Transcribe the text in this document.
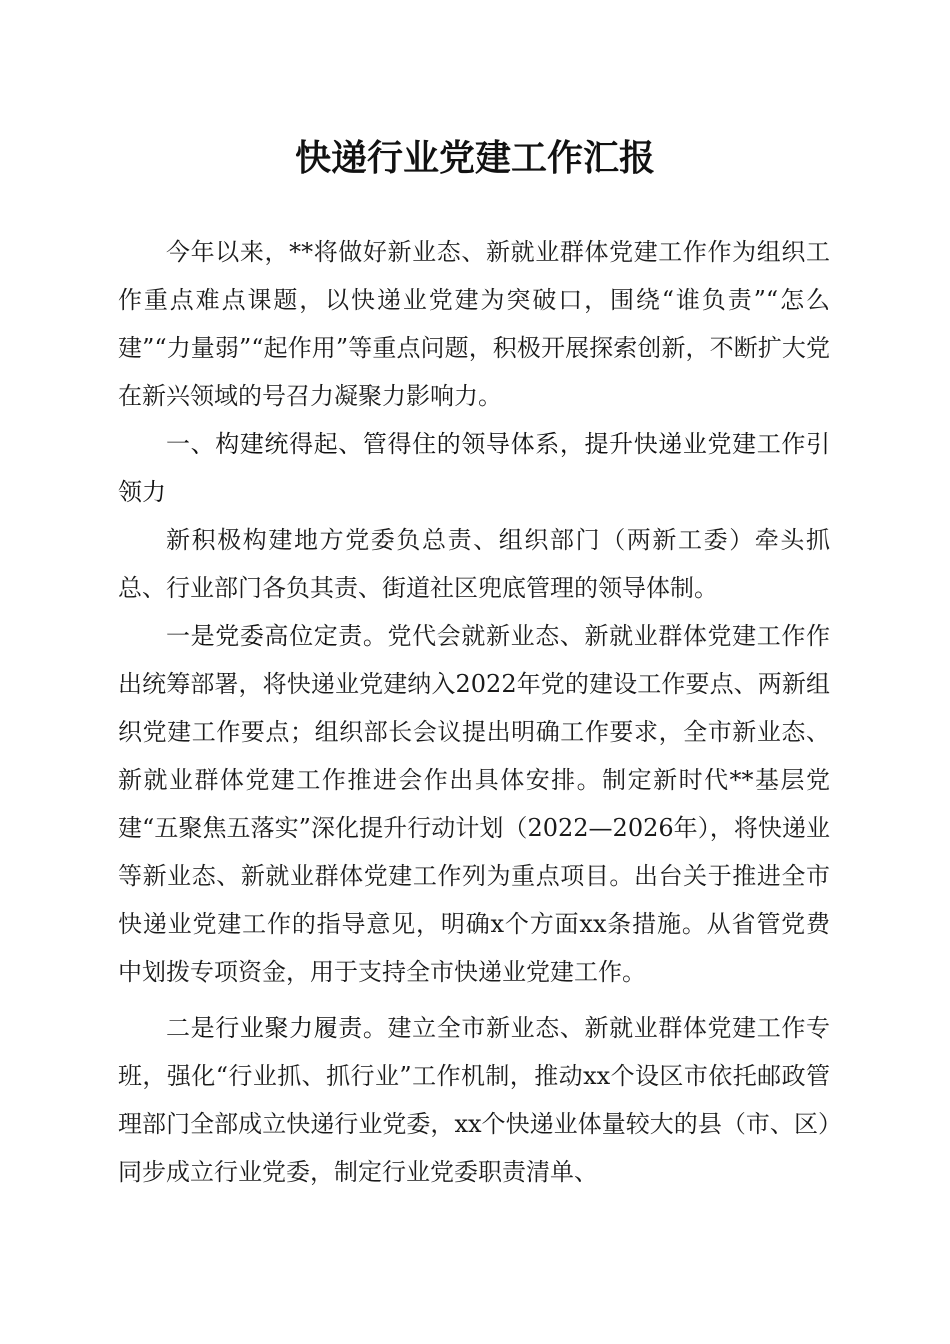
快递行业党建工作汇报

今年以来，**将做好新业态、新就业群体党建工作作为组织工作重点难点课题，以快递业党建为突破口，围绕“谁负责”“怎么建”“力量弱”“起作用”等重点问题，积极开展探索创新，不断扩大党在新兴领域的号召力凝聚力影响力。

一、构建统得起、管得住的领导体系，提升快递业党建工作引领力

新积极构建地方党委负总责、组织部门（两新工委）牵头抓总、行业部门各负其责、街道社区兜底管理的领导体制。

一是党委高位定责。党代会就新业态、新就业群体党建工作作出统筹部署，将快递业党建纳入2022年党的建设工作要点、两新组织党建工作要点；组织部长会议提出明确工作要求，全市新业态、新就业群体党建工作推进会作出具体安排。制定新时代**基层党建“五聚焦五落实”深化提升行动计划（2022—2026年），将快递业等新业态、新就业群体党建工作列为重点项目。出台关于推进全市快递业党建工作的指导意见，明确x个方面xx条措施。从省管党费中划拨专项资金，用于支持全市快递业党建工作。

二是行业聚力履责。建立全市新业态、新就业群体党建工作专班，强化“行业抓、抓行业”工作机制，推动xx个设区市依托邮政管理部门全部成立快递行业党委，xx个快递业体量较大的县（市、区）同步成立行业党委，制定行业党委职责清单、
